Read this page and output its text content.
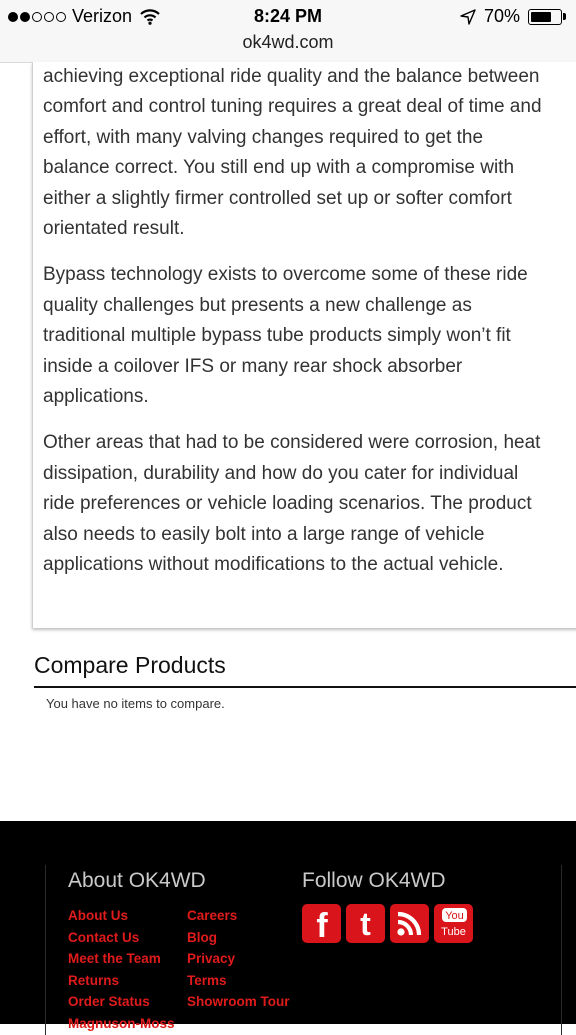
Verizon	8:24 PM	70%
ok4wd.com

achieving exceptional ride quality and the balance between comfort and control tuning requires a great deal of time and effort, with many valving changes required to get the balance correct. You still end up with a compromise with either a slightly firmer controlled set up or softer comfort orientated result.

Bypass technology exists to overcome some of these ride quality challenges but presents a new challenge as traditional multiple bypass tube products simply won’t fit inside a coilover IFS or many rear shock absorber applications.

Other areas that had to be considered were corrosion, heat dissipation, durability and how do you cater for individual ride preferences or vehicle loading scenarios. The product also needs to easily bolt into a large range of vehicle applications without modifications to the actual vehicle.

Compare Products
You have no items to compare.
About OK4WD	Follow OK4WD
About Us
Contact Us
Meet the Team
Returns
Order Status
Magnuson-Moss
Careers
Blog
Privacy
Terms
Showroom Tour
f t	You
Tube
